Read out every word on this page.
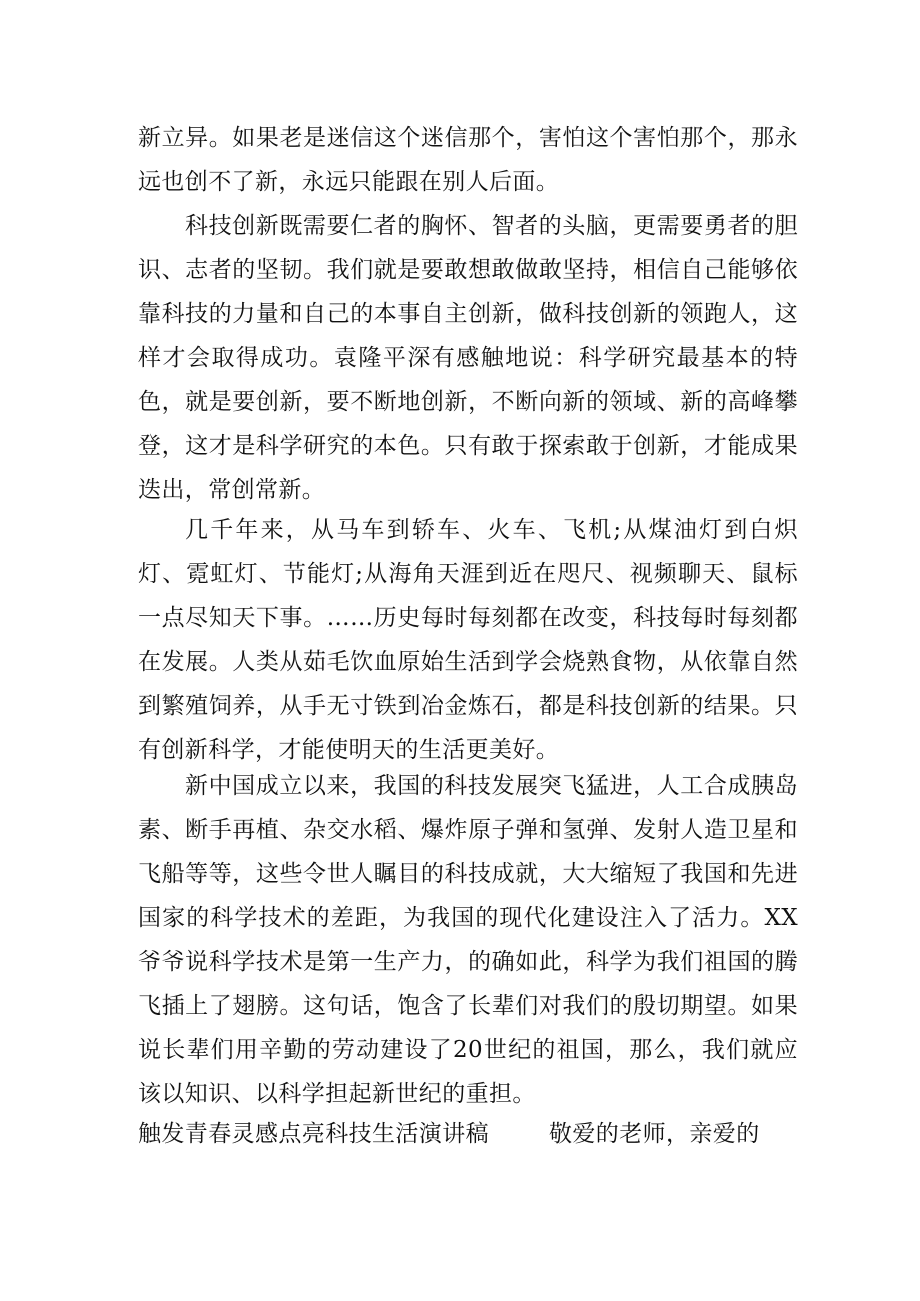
新立异。如果老是迷信这个迷信那个，害怕这个害怕那个，那永远也创不了新，永远只能跟在别人后面。

科技创新既需要仁者的胸怀、智者的头脑，更需要勇者的胆识、志者的坚韧。我们就是要敢想敢做敢坚持，相信自己能够依靠科技的力量和自己的本事自主创新，做科技创新的领跑人，这样才会取得成功。袁隆平深有感触地说：科学研究最基本的特色，就是要创新，要不断地创新，不断向新的领域、新的高峰攀登，这才是科学研究的本色。只有敢于探索敢于创新，才能成果迭出，常创常新。

几千年来，从马车到轿车、火车、飞机;从煤油灯到白炽灯、霓虹灯、节能灯;从海角天涯到近在咫尺、视频聊天、鼠标一点尽知天下事。……历史每时每刻都在改变，科技每时每刻都在发展。人类从茹毛饮血原始生活到学会烧熟食物，从依靠自然到繁殖饲养，从手无寸铁到冶金炼石，都是科技创新的结果。只有创新科学，才能使明天的生活更美好。

新中国成立以来，我国的科技发展突飞猛进，人工合成胰岛素、断手再植、杂交水稻、爆炸原子弹和氢弹、发射人造卫星和飞船等等，这些令世人瞩目的科技成就，大大缩短了我国和先进国家的科学技术的差距，为我国的现代化建设注入了活力。XX爷爷说科学技术是第一生产力，的确如此，科学为我们祖国的腾飞插上了翅膀。这句话，饱含了长辈们对我们的殷切期望。如果说长辈们用辛勤的劳动建设了20世纪的祖国，那么，我们就应该以知识、以科学担起新世纪的重担。

触发青春灵感点亮科技生活演讲稿	敬爱的老师，亲爱的
